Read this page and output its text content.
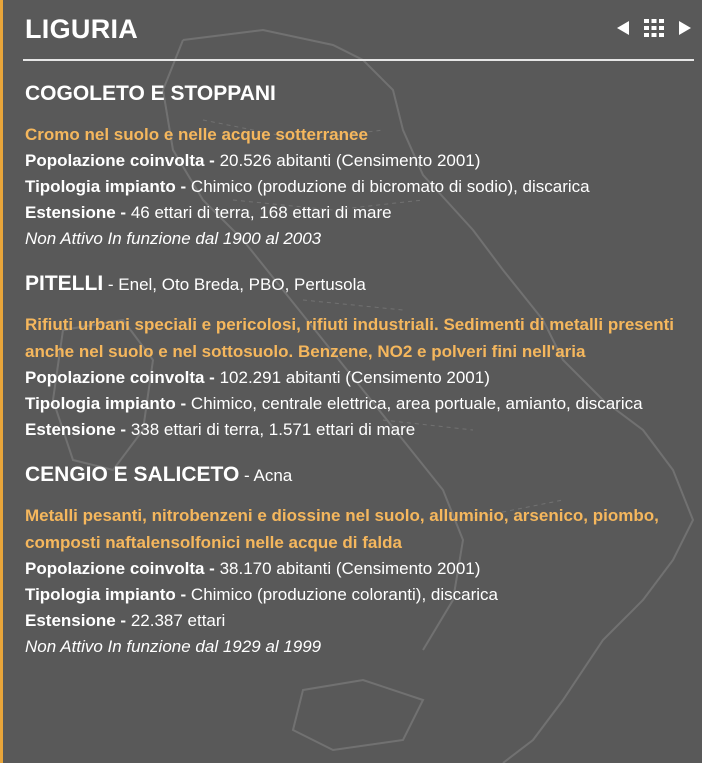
LIGURIA
COGOLETO E STOPPANI
Cromo nel suolo e nelle acque sotterranee
Popolazione coinvolta - 20.526 abitanti (Censimento 2001)
Tipologia impianto - Chimico (produzione di bicromato di sodio), discarica
Estensione - 46 ettari di terra, 168 ettari di mare
Non Attivo In funzione dal 1900 al 2003
PITELLI - Enel, Oto Breda, PBO, Pertusola
Rifiuti urbani speciali e pericolosi, rifiuti industriali. Sedimenti di metalli presenti anche nel suolo e nel sottosuolo. Benzene, NO2 e polveri fini nell'aria
Popolazione coinvolta - 102.291 abitanti (Censimento 2001)
Tipologia impianto - Chimico, centrale elettrica, area portuale, amianto, discarica
Estensione - 338 ettari di terra, 1.571 ettari di mare
CENGIO E SALICETO - Acna
Metalli pesanti, nitrobenzeni e diossine nel suolo, alluminio, arsenico, piombo, composti naftalensolfonici nelle acque di falda
Popolazione coinvolta - 38.170 abitanti (Censimento 2001)
Tipologia impianto - Chimico (produzione coloranti), discarica
Estensione - 22.387 ettari
Non Attivo In funzione dal 1929 al 1999
